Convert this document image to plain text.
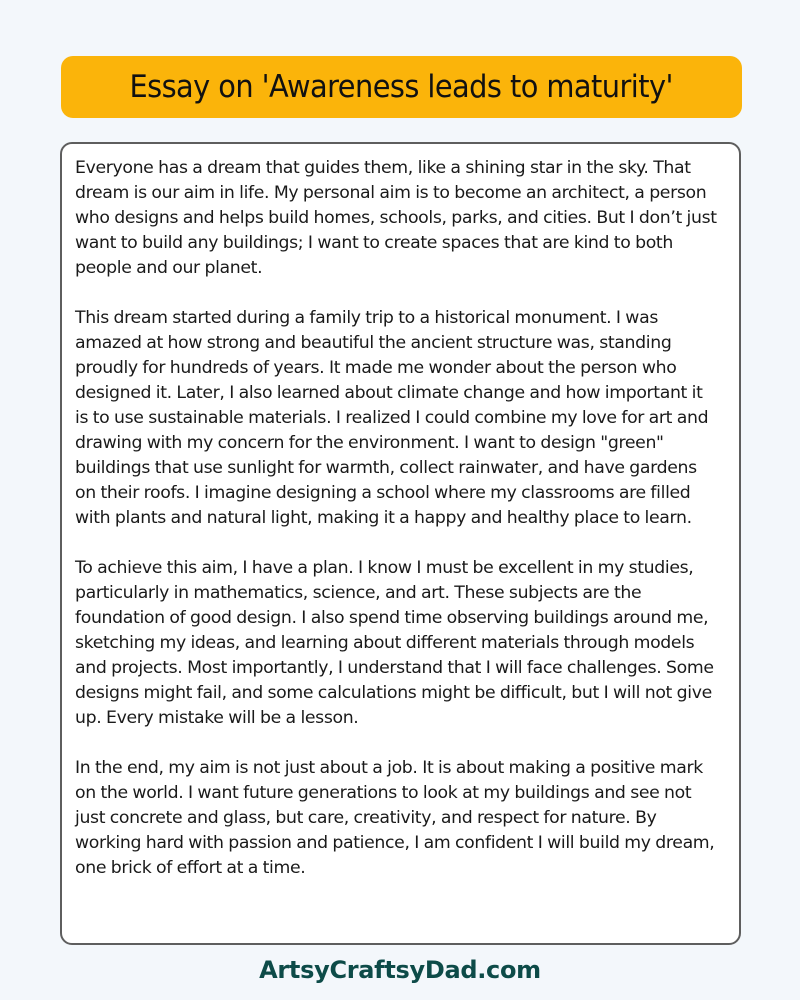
Essay on 'Awareness leads to maturity'

Everyone has a dream that guides them, like a shining star in the sky. That dream is our aim in life. My personal aim is to become an architect, a person who designs and helps build homes, schools, parks, and cities. But I don’t just want to build any buildings; I want to create spaces that are kind to both people and our planet.

This dream started during a family trip to a historical monument. I was amazed at how strong and beautiful the ancient structure was, standing proudly for hundreds of years. It made me wonder about the person who designed it. Later, I also learned about climate change and how important it is to use sustainable materials. I realized I could combine my love for art and drawing with my concern for the environment. I want to design "green" buildings that use sunlight for warmth, collect rainwater, and have gardens on their roofs. I imagine designing a school where my classrooms are filled with plants and natural light, making it a happy and healthy place to learn.

To achieve this aim, I have a plan. I know I must be excellent in my studies, particularly in mathematics, science, and art. These subjects are the foundation of good design. I also spend time observing buildings around me, sketching my ideas, and learning about different materials through models and projects. Most importantly, I understand that I will face challenges. Some designs might fail, and some calculations might be difficult, but I will not give up. Every mistake will be a lesson.

In the end, my aim is not just about a job. It is about making a positive mark on the world. I want future generations to look at my buildings and see not just concrete and glass, but care, creativity, and respect for nature. By working hard with passion and patience, I am confident I will build my dream, one brick of effort at a time.

ArtsyCraftsyDad.com
